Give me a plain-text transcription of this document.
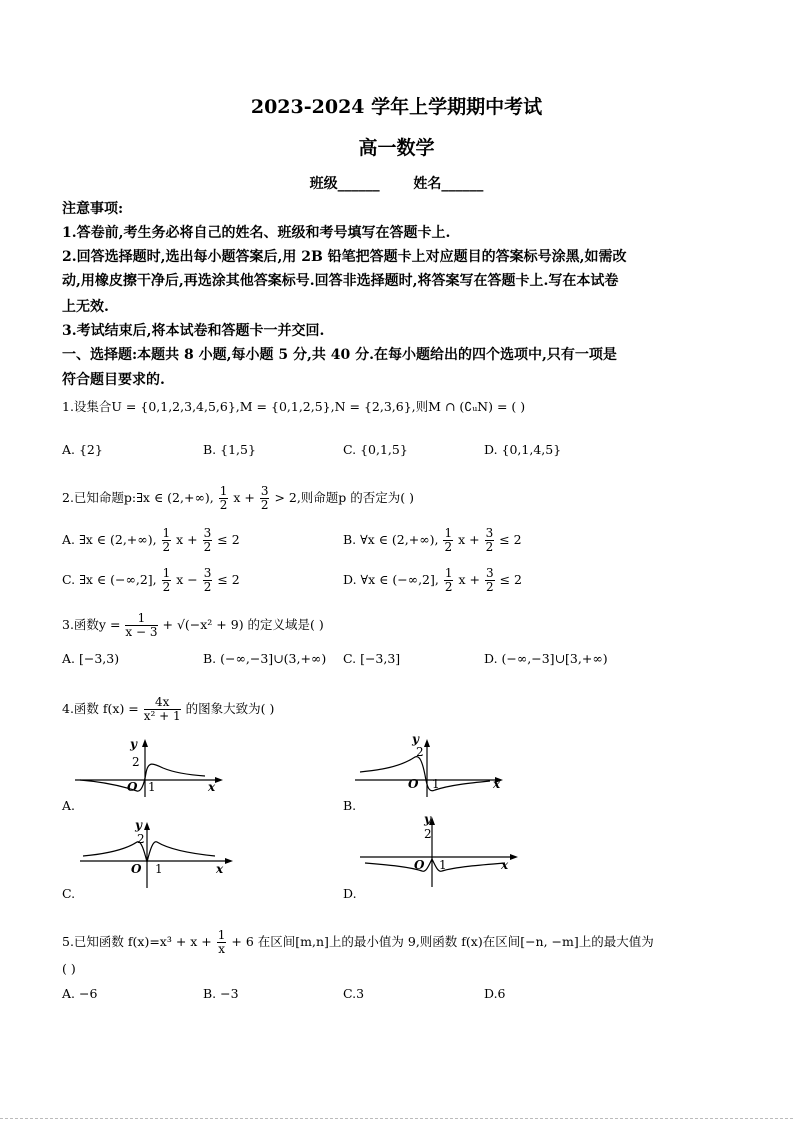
2023-2024 学年上学期期中考试
高一数学
班级______ 姓名______
注意事项:
1.答卷前,考生务必将自己的姓名、班级和考号填写在答题卡上.
2.回答选择题时,选出每小题答案后,用 2B 铅笔把答题卡上对应题目的答案标号涂黑,如需改
动,用橡皮擦干净后,再选涂其他答案标号.回答非选择题时,将答案写在答题卡上.写在本试卷
上无效.
3.考试结束后,将本试卷和答题卡一并交回.
一、选择题:本题共 8 小题,每小题 5 分,共 40 分.在每小题给出的四个选项中,只有一项是
符合题目要求的.
1.设集合U = {0,1,2,3,4,5,6},M = {0,1,2,5},N = {2,3,6},则M ∩ (∁ᵤN) = ( )
A. {2}	B. {1,5}	C. {0,1,5}	D. {0,1,4,5}
2.已知命题p:∃x ∈ (2,+∞), $\frac{1}{2}$ $x + \frac{3}{2} > 2$,则命题p 的否定为( )
A. ∃x ∈ (2,+∞), $\frac{1}{2}$ $x + \frac{3}{2} \le 2$	B. ∀x ∈ (2,+∞), $\frac{1}{2}$ $x + \frac{3}{2} \le 2$
C. ∃x ∈ (−∞,2], $\frac{1}{2}$ $x - \frac{3}{2} \le 2$	D. ∀x ∈ (−∞,2], $\frac{1}{2}$ $x + \frac{3}{2} \le 2$
3.函数$y = \frac{1}{x - 3} + √(-x^2 + 9)$ 的定义域是( )
A. [−3,3)	B. (−∞,−3]∪(3,+∞) C. [−3,3]	D. (−∞,−3]∪[3,+∞)
4.函数 $f(x) = \frac{4x}{\text{x² + 1}}$ 的图象大致为( )
y
2
O 1	x
A.
y
2
O 1	x
B.
y
2
O 1	x
C.
y
2
O 1	x
D.
5.已知函数 $f(x)=x^3 + x + \frac{1}{x} + 6$ 在区间[m,n]上的最小值为 9,则函数 f(x)在区间[−n, −m]上的最大值为
( )
A. −6	B. −3	C.3	D.6
